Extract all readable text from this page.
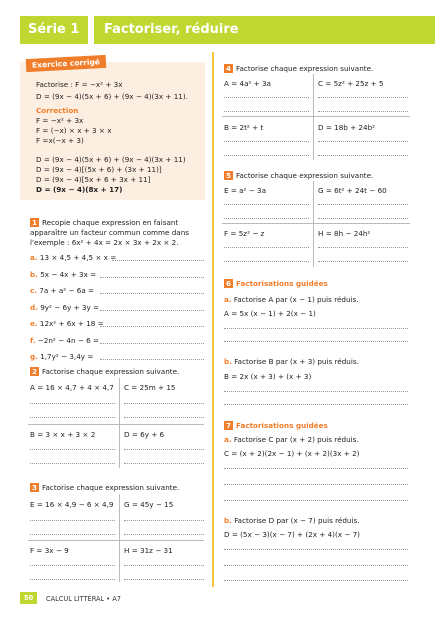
Série 1	Factoriser, réduire
Exercice corrigé
Factorise : F = −x² + 3x
D = (9x − 4)(5x + 6) + (9x − 4)(3x + 11).
Correction
F = −x² + 3x
F = (−x) × x + 3 × x
F =x(−x + 3)
D = (9x − 4)(5x + 6) + (9x − 4)(3x + 11)
D = (9x − 4)[(5x + 6) + (3x + 11)]
D = (9x − 4)[5x + 6 + 3x + 11]
D = (9x − 4)(8x + 17)
1 Recopie chaque expression en faisant
apparaître un facteur commun comme dans
l'exemple : 6x² + 4x = 2x × 3x + 2x × 2.
a. 13 × 4,5 + 4,5 × x =
b. 5x − 4x + 3x =
c. 7a + a² − 6a =
d. 9y² − 6y + 3y =
e. 12x² + 6x + 18 =
f. −2n² − 4n − 6 =
g. 1,7y² − 3,4y =
2 Factorise chaque expression suivante.
A = 16 × 4,7 + 4 × 4,7 C = 25m + 15
B = 3 × x + 3 × 2	D = 6y + 6
3 Factorise chaque expression suivante.
E = 16 × 4,9 − 6 × 4,9 G = 45y − 15
F = 3x − 9	H = 31z − 31
4 Factorise chaque expression suivante.
A = 4a² + 3a	C = 5z² + 25z + 5
B = 2t² + t	D = 18b + 24b²
5 Factorise chaque expression suivante.
E = a² − 3a	G = 6t² + 24t − 60
F = 5z² − z	H = 8h − 24h²
6 Factorisations guidées
a. Factorise A par (x − 1) puis réduis.
A = 5x (x − 1) + 2(x − 1)
b. Factorise B par (x + 3) puis réduis.
B = 2x (x + 3) + (x + 3)
7 Factorisations guidées
a. Factorise C par (x + 2) puis réduis.
C = (x + 2)(2x − 1) + (x + 2)(3x + 2)
b. Factorise D par (x − 7) puis réduis.
D = (5x − 3)(x − 7) + (2x + 4)(x − 7)
50	CALCUL LITTÉRAL • A7
